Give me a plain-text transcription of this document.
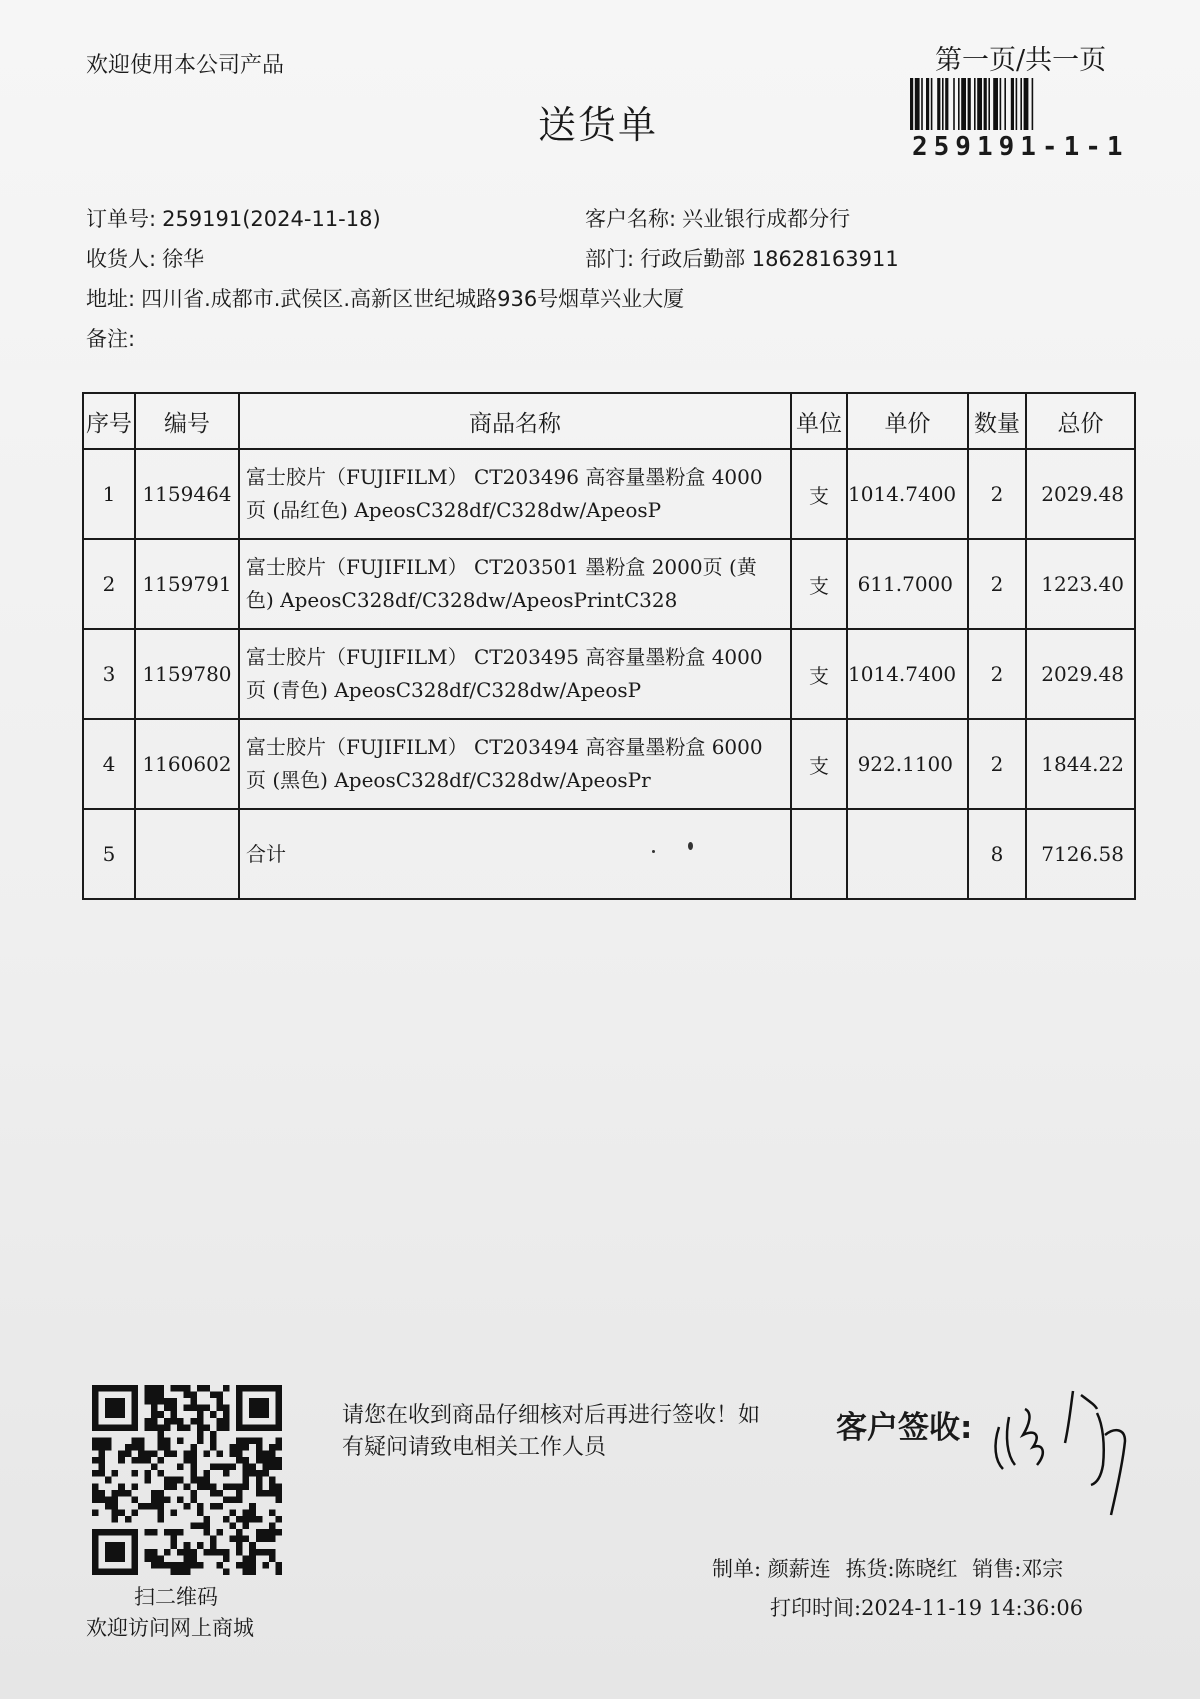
欢迎使用本公司产品
送货单
第一页/共一页
259191-1-1
订单号: 259191(2024-11-18)
收货人: 徐华
地址: 四川省.成都市.武侯区.高新区世纪城路936号烟草兴业大厦
备注:
客户名称: 兴业银行成都分行
部门: 行政后勤部 18628163911
序号	编号	商品名称	单位	单价	数量	总价
1	1159464	富士胶片（FUJIFILM） CT203496 高容量墨粉盒 4000
页 (品红色) ApeosC328df/C328dw/ApeosP	支	1014.7400	2	2029.48
2	1159791	富士胶片（FUJIFILM） CT203501 墨粉盒 2000页 (黄
色) ApeosC328df/C328dw/ApeosPrintC328	支	611.7000	2	1223.40
3	1159780	富士胶片（FUJIFILM） CT203495 高容量墨粉盒 4000
页 (青色) ApeosC328df/C328dw/ApeosP	支	1014.7400	2	2029.48
4	1160602	富士胶片（FUJIFILM） CT203494 高容量墨粉盒 6000
页 (黑色) ApeosC328df/C328dw/ApeosPr	支	922.1100	2	1844.22
5		合计			8	7126.58
扫二维码
欢迎访问网上商城
请您在收到商品仔细核对后再进行签收！如有疑问请致电相关工作人员
客户签收:
制单: 颜薪连 拣货:陈晓红 销售:邓宗
打印时间:2024-11-19 14:36:06
